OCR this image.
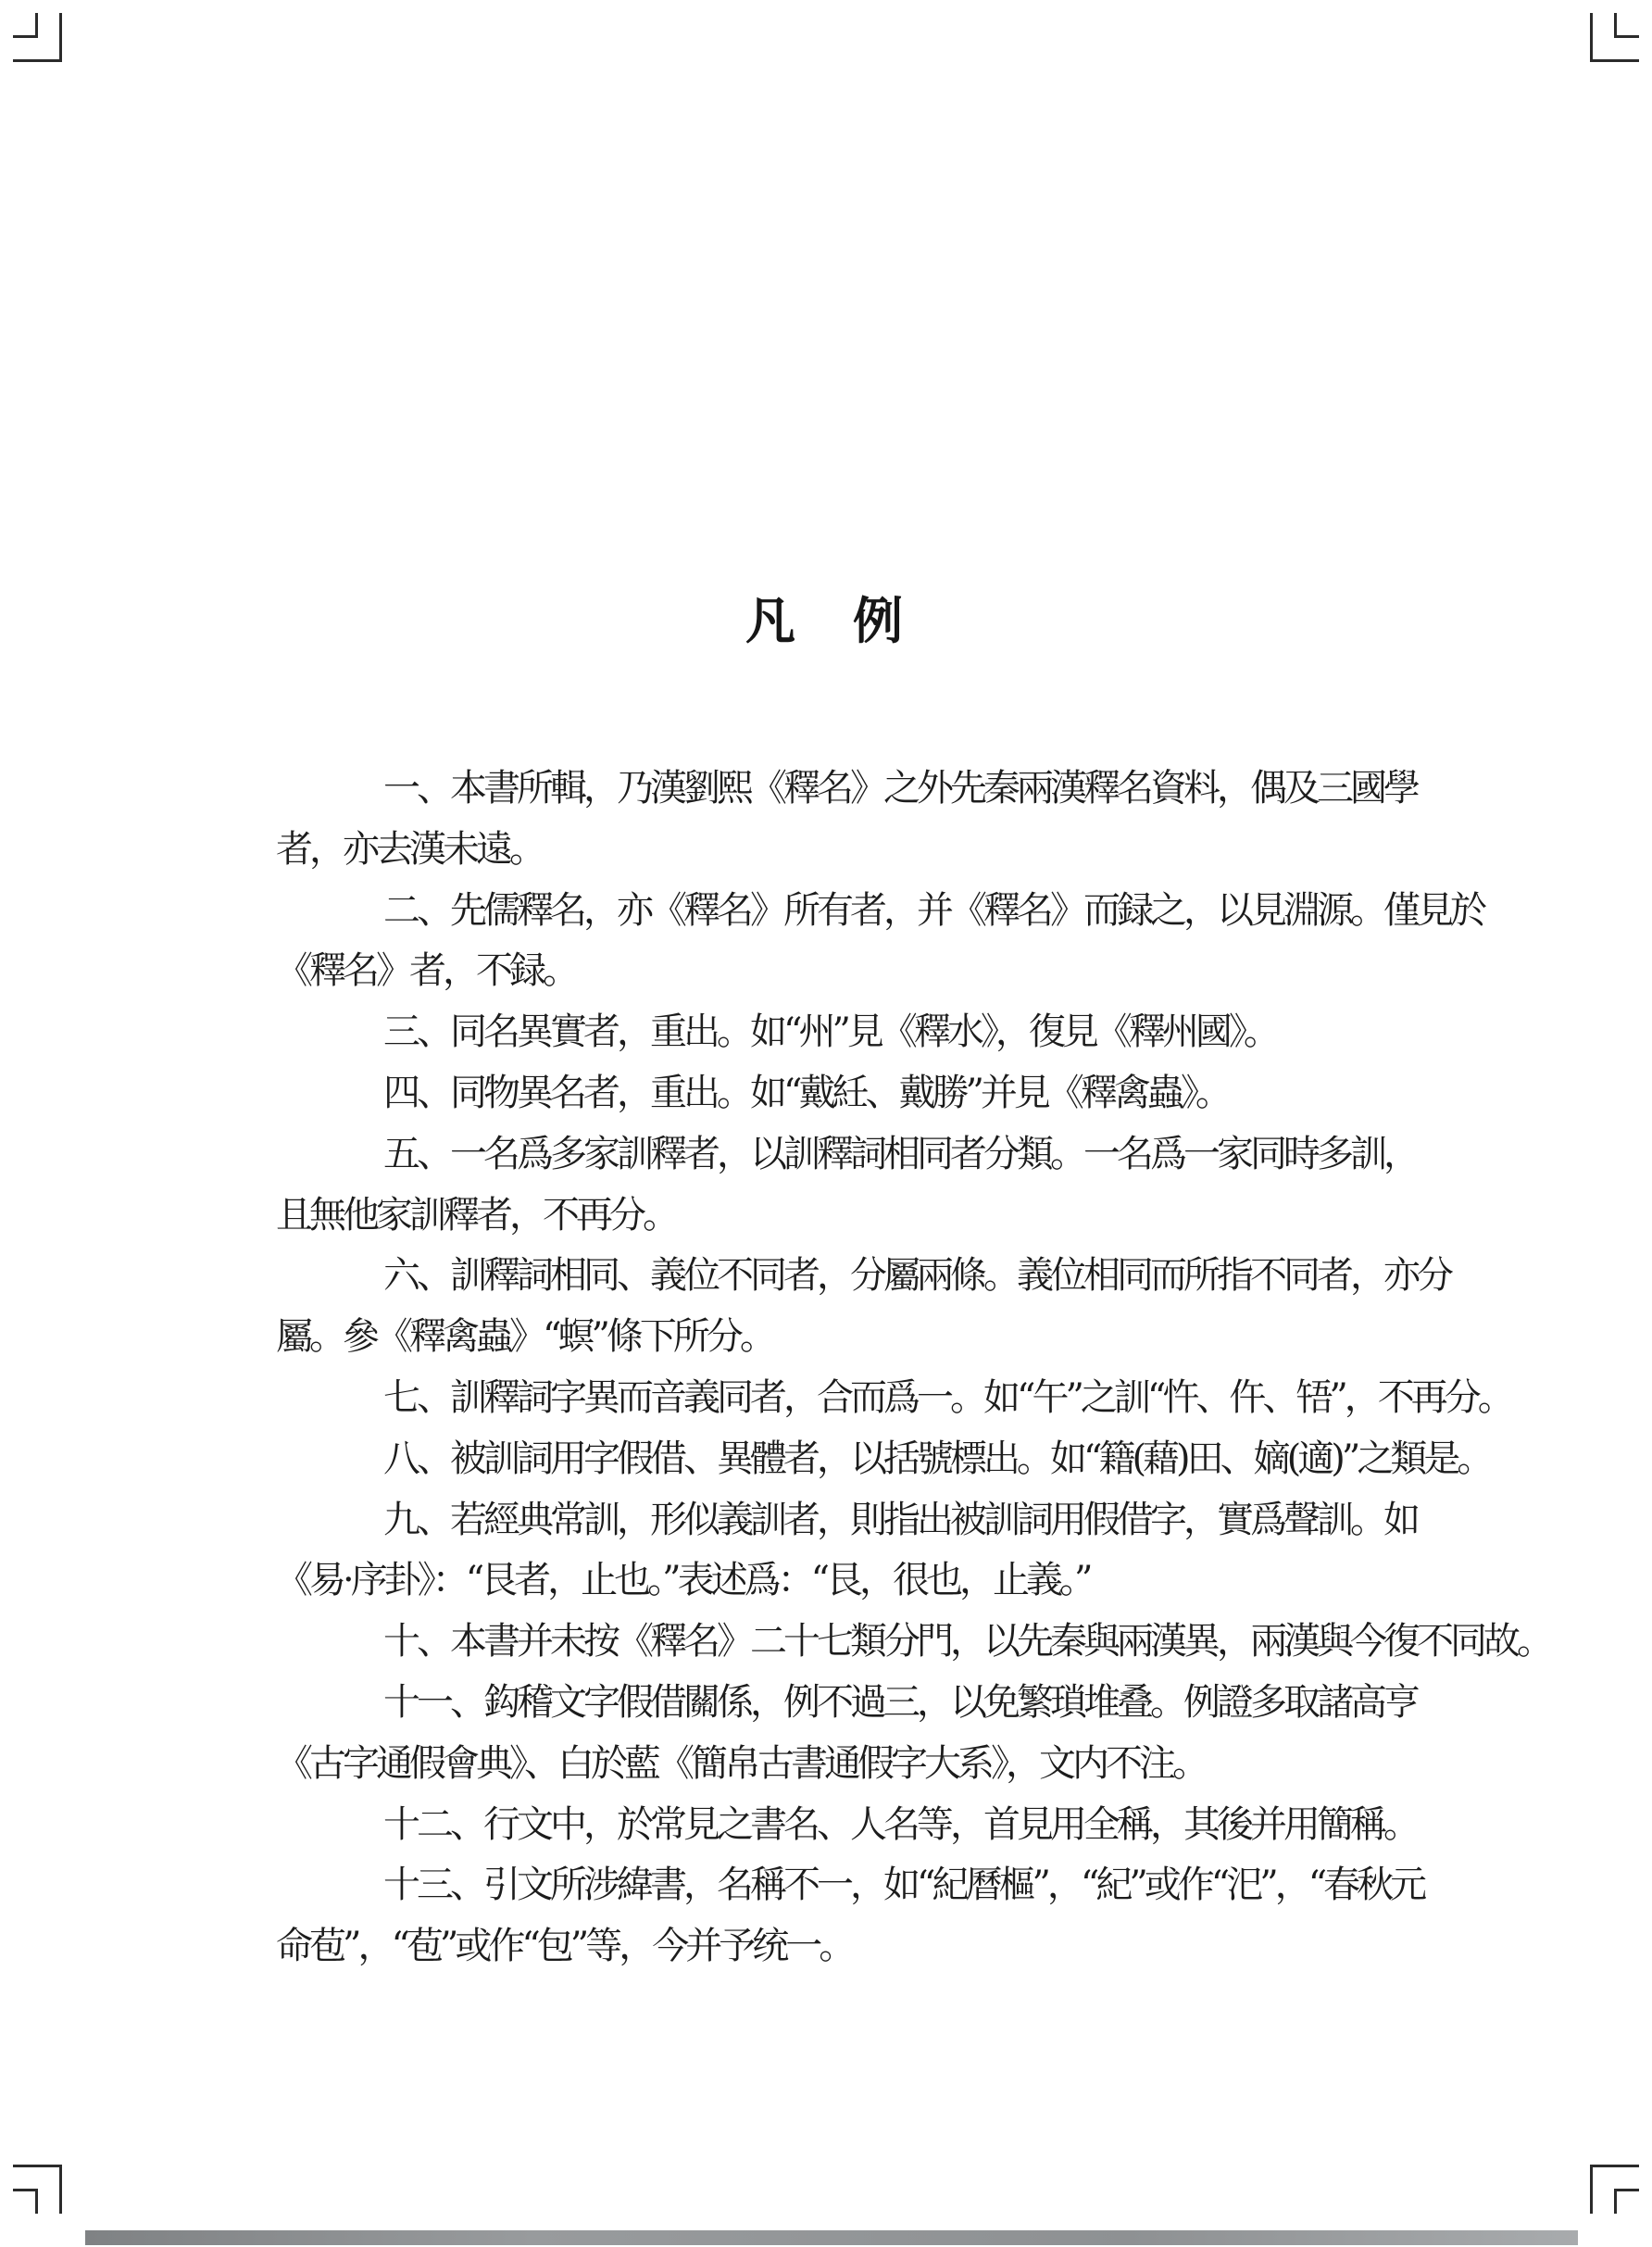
凡　例
一、本書所輯，乃漢劉熙《釋名》之外先秦兩漢釋名資料，偶及三國學
者，亦去漢未遠。
二、先儒釋名，亦《釋名》所有者，并《釋名》而録之，以見淵源。僅見於
《釋名》者，不録。
三、同名異實者，重出。如“州”見《釋水》，復見《釋州國》。
四、同物異名者，重出。如“戴紝、戴勝”并見《釋禽蟲》。
五、一名爲多家訓釋者，以訓釋詞相同者分類。一名爲一家同時多訓，
且無他家訓釋者，不再分。
六、訓釋詞相同、義位不同者，分屬兩條。義位相同而所指不同者，亦分
屬。參《釋禽蟲》“螟”條下所分。
七、訓釋詞字異而音義同者，合而爲一。如“午”之訓“忤、仵、啎”，不再分。
八、被訓詞用字假借、異體者，以括號標出。如“籍(藉)田、嫡(適)”之類是。
九、若經典常訓，形似義訓者，則指出被訓詞用假借字，實爲聲訓。如
《易·序卦》：“艮者，止也。”表述爲：“艮，很也，止義。”
十、本書并未按《釋名》二十七類分門，以先秦與兩漢異，兩漢與今復不同故。
十一、鈎稽文字假借關係，例不過三，以免繁瑣堆叠。例證多取諸高亨
《古字通假會典》、白於藍《簡帛古書通假字大系》，文内不注。
十二、行文中，於常見之書名、人名等，首見用全稱，其後并用簡稱。
十三、引文所涉緯書，名稱不一，如“紀曆樞”，“紀”或作“汜”，“春秋元
命苞”，“苞”或作“包”等，今并予统一。
